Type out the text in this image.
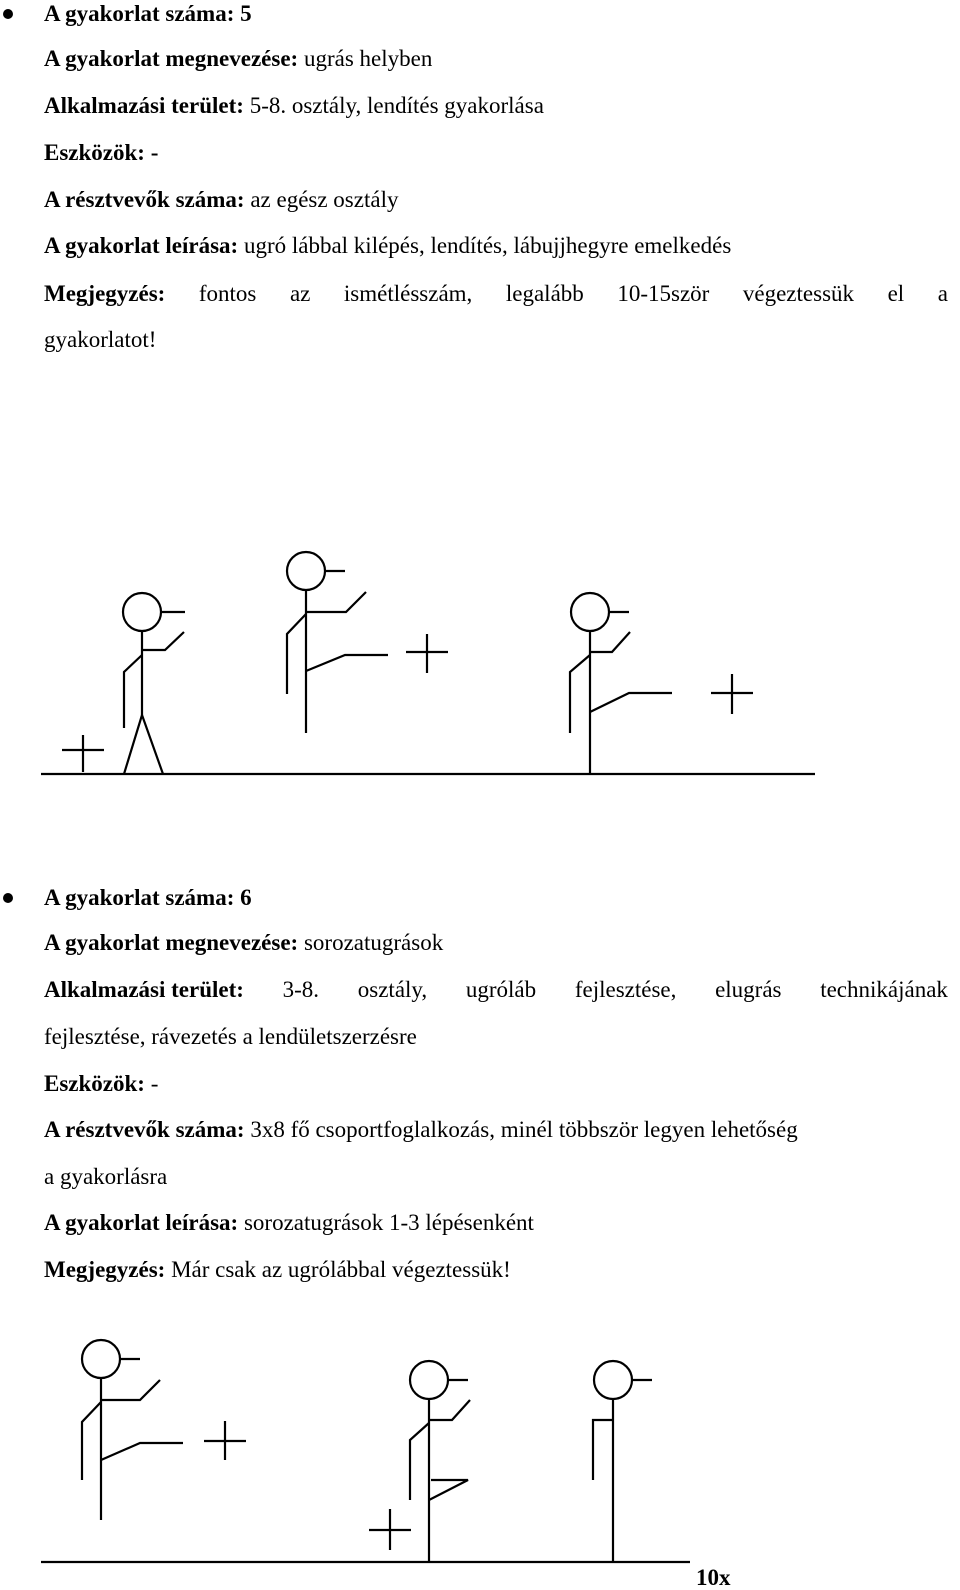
A gyakorlat száma: 5
A gyakorlat megnevezése: ugrás helyben
Alkalmazási terület: 5-8. osztály, lendítés gyakorlása
Eszközök: -
A résztvevők száma: az egész osztály
A gyakorlat leírása: ugró lábbal kilépés, lendítés, lábujjhegyre emelkedés
Megjegyzés: fontos az ismétlésszám, legalább 10-15ször végeztessük el a
gyakorlatot!
A gyakorlat száma: 6
A gyakorlat megnevezése: sorozatugrások
Alkalmazási terület: 3-8. osztály, ugróláb fejlesztése, elugrás technikájának
fejlesztése, rávezetés a lendületszerzésre
Eszközök: -
A résztvevők száma: 3x8 fő csoportfoglalkozás, minél többször legyen lehetőség
a gyakorlásra
A gyakorlat leírása: sorozatugrások 1-3 lépésenként
Megjegyzés: Már csak az ugrólábbal végeztessük!
10x
